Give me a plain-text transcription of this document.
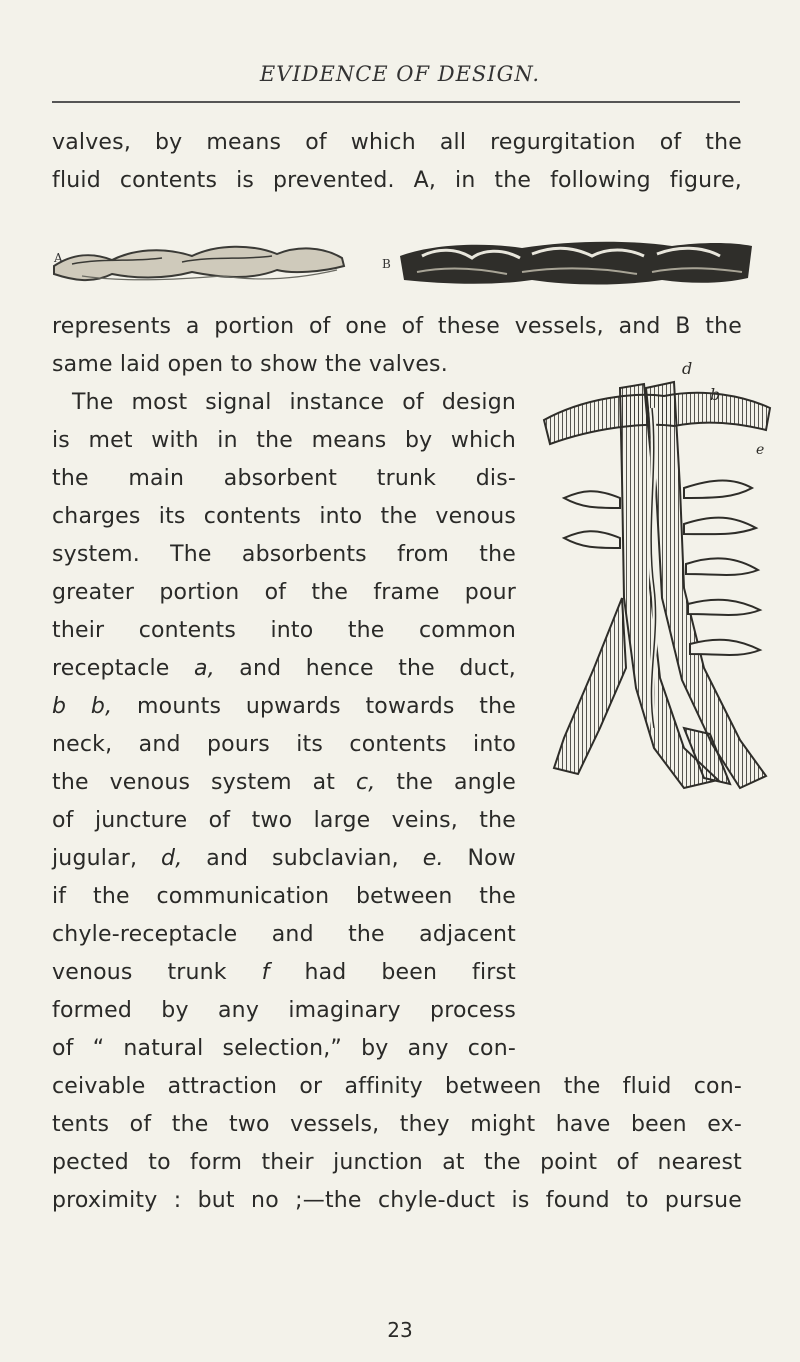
EVIDENCE OF DESIGN.
valves, by means of which all regurgitation of the
fluid contents is prevented. A, in the following figure,
A	B
represents a portion of one of these vessels, and B the
same laid open to show the valves.
The most signal instance of design
is met with in the means by which
the main absorbent trunk dis-
charges its contents into the venous
system. The absorbents from the
greater portion of the frame pour
their contents into the common
receptacle a, and hence the duct,
b b, mounts upwards towards the
neck, and pours its contents into
the venous system at c, the angle
of juncture of two large veins, the
jugular, d, and subclavian, e. Now
if the communication between the
chyle-receptacle and the adjacent
venous trunk f had been first
formed by any imaginary process
of “ natural selection,” by any con-
ceivable attraction or affinity between the fluid con-
tents of the two vessels, they might have been ex-
pected to form their junction at the point of nearest
proximity : but no ;—the chyle-duct is found to pursue
d
b
e
23
